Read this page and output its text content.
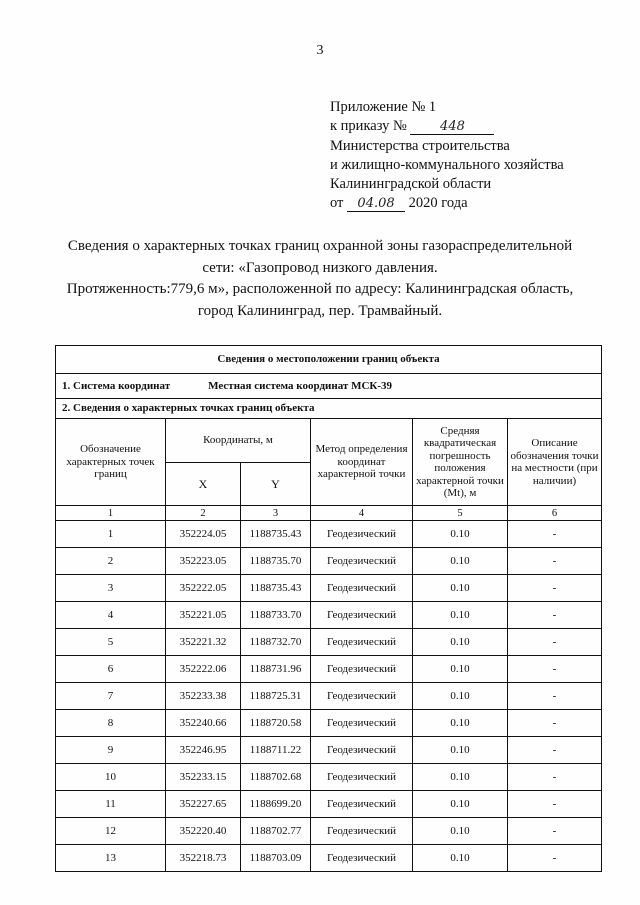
3
Приложение № 1
к приказу №	448
Министерства строительства
и жилищно-коммунального хозяйства
Калининградской области
от 04.08 2020 года
Сведения о характерных точках границ охранной зоны газораспределительной
сети: «Газопровод низкого давления.
Протяженность:779,6 м», расположенной по адресу: Калининградская область,
город Калининград, пер. Трамвайный.
Сведения о местоположении границ объекта					
1. Система координат Местная система координат МСК-39					
2. Сведения о характерных точках границ объекта					
Обозначение характерных точек границ	Координаты, м		Метод определения координат характерной точки	Средняя квадратическая погрешность положения характерной точки (Mt), м	Описание обозначения точки на местности (при наличии)
	X	Y			
1	2	3	4	5	6
1	352224.05	1188735.43	Геодезический	0.10	-
2	352223.05	1188735.70	Геодезический	0.10	-
3	352222.05	1188735.43	Геодезический	0.10	-
4	352221.05	1188733.70	Геодезический	0.10	-
5	352221.32	1188732.70	Геодезический	0.10	-
6	352222.06	1188731.96	Геодезический	0.10	-
7	352233.38	1188725.31	Геодезический	0.10	-
8	352240.66	1188720.58	Геодезический	0.10	-
9	352246.95	1188711.22	Геодезический	0.10	-
10	352233.15	1188702.68	Геодезический	0.10	-
11	352227.65	1188699.20	Геодезический	0.10	-
12	352220.40	1188702.77	Геодезический	0.10	-
13	352218.73	1188703.09	Геодезический	0.10	-
